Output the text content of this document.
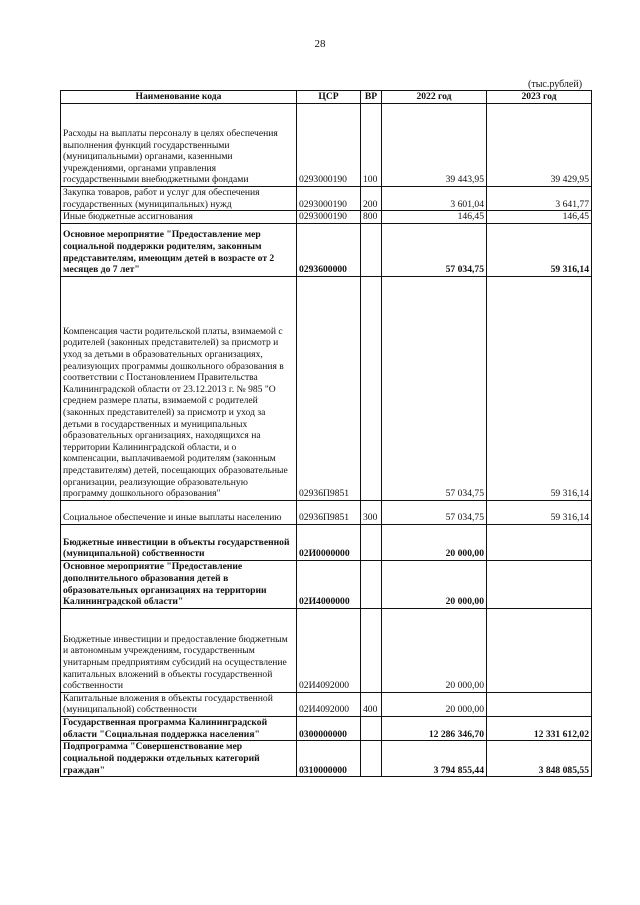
28
(тыс.рублей)
Наименование кода	ЦСР	ВР	2022 год	2023 год
Расходы на выплаты персоналу в целях обеспечения выполнения функций государственными (муниципальными) органами, казенными учреждениями, органами управления государственными внебюджетными фондами	0293000190	100	39 443,95	39 429,95
Закупка товаров, работ и услуг для обеспечения государственных (муниципальных) нужд	0293000190	200	3 601,04	3 641,77
Иные бюджетные ассигнования	0293000190	800	146,45	146,45
Основное мероприятие "Предоставление мер социальной поддержки родителям, законным представителям, имеющим детей в возрасте от 2 месяцев до 7 лет"	0293600000		57 034,75	59 316,14
Компенсация части родительской платы, взимаемой с родителей (законных представителей) за присмотр и уход за детьми в образовательных организациях, реализующих программы дошкольного образования в соответствии с Постановлением Правительства Калининградской области от 23.12.2013 г. № 985 "О среднем размере платы, взимаемой с родителей (законных представителей) за присмотр и уход за детьми в государственных и муниципальных образовательных организациях, находящихся на территории Калининградской области, и о компенсации, выплачиваемой родителям (законным представителям) детей, посещающих образовательные организации, реализующие образовательную программу дошкольного образования"	02936П9851		57 034,75	59 316,14
Социальное обеспечение и иные выплаты населению	02936П9851	300	57 034,75	59 316,14
Бюджетные инвестиции в объекты государственной (муниципальной) собственности	02И0000000		20 000,00	
Основное мероприятие "Предоставление дополнительного образования детей в образовательных организациях на территории Калининградской области"	02И4000000		20 000,00	
Бюджетные инвестиции и предоставление бюджетным и автономным учреждениям, государственным унитарным предприятиям субсидий на осуществление капитальных вложений в объекты государственной собственности	02И4092000		20 000,00	
Капитальные вложения в объекты государственной (муниципальной) собственности	02И4092000	400	20 000,00	
Государственная программа Калининградской области "Социальная поддержка населения"	0300000000		12 286 346,70	12 331 612,02
Подпрограмма "Совершенствование мер социальной поддержки отдельных категорий граждан"	0310000000		3 794 855,44	3 848 085,55
